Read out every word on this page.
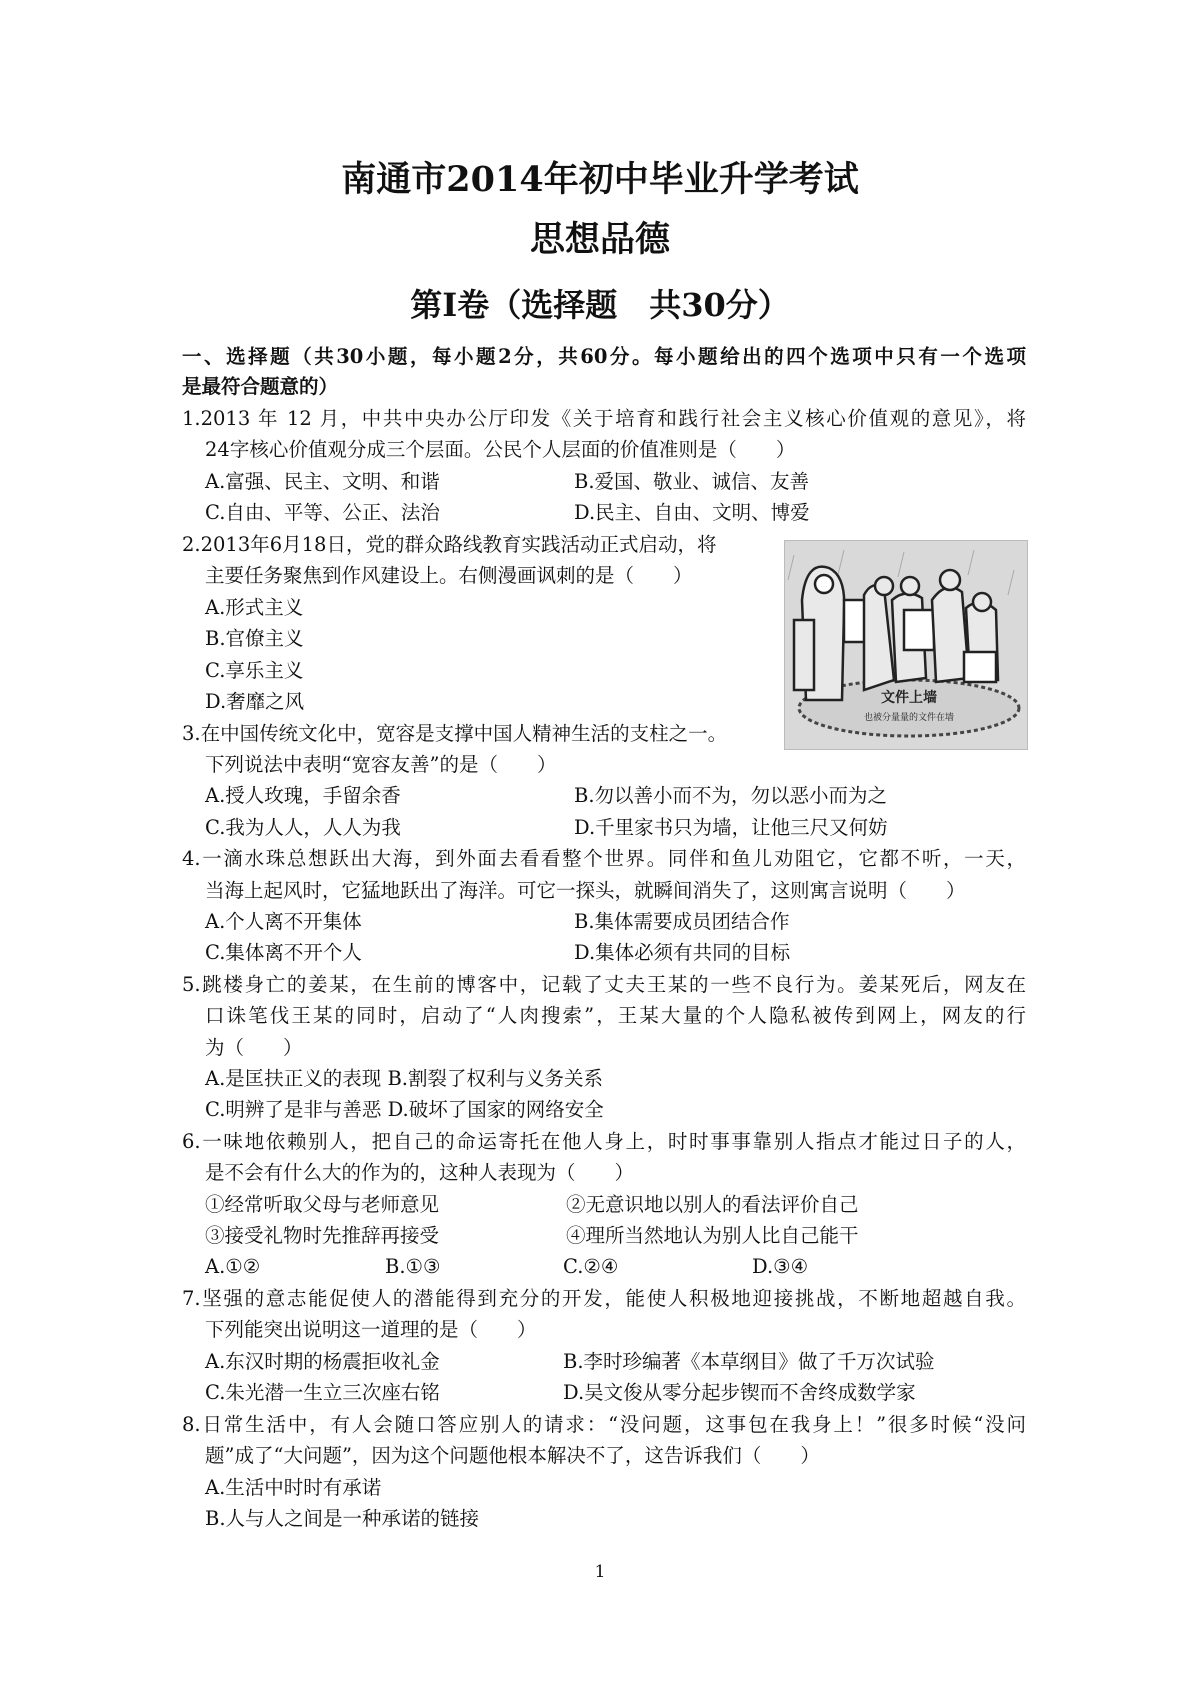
南通市2014年初中毕业升学考试
思想品德
第Ⅰ卷（选择题　共30分）
一、选择题（共30小题，每小题2分，共60分。每小题给出的四个选项中只有一个选项
是最符合题意的）
1.2013 年 12 月，中共中央办公厅印发《关于培育和践行社会主义核心价值观的意见》，将
24字核心价值观分成三个层面。公民个人层面的价值准则是（　　）
A.富强、民主、文明、和谐	B.爱国、敬业、诚信、友善
C.自由、平等、公正、法治	D.民主、自由、文明、博爱
2.2013年6月18日，党的群众路线教育实践活动正式启动，将
主要任务聚焦到作风建设上。右侧漫画讽刺的是（　　）
A.形式主义
B.官僚主义
C.享乐主义
D.奢靡之风	文件上墙
也被分量量的文件在墙
3.在中国传统文化中，宽容是支撑中国人精神生活的支柱之一。
下列说法中表明“宽容友善”的是（　　）
A.授人玫瑰，手留余香	B.勿以善小而不为，勿以恶小而为之
C.我为人人，人人为我	D.千里家书只为墙，让他三尺又何妨
4.一滴水珠总想跃出大海，到外面去看看整个世界。同伴和鱼儿劝阻它，它都不听，一天，
当海上起风时，它猛地跃出了海洋。可它一探头，就瞬间消失了，这则寓言说明（　　）
A.个人离不开集体	B.集体需要成员团结合作
C.集体离不开个人	D.集体必须有共同的目标
5.跳楼身亡的姜某，在生前的博客中，记载了丈夫王某的一些不良行为。姜某死后，网友在
口诛笔伐王某的同时，启动了“人肉搜索”，王某大量的个人隐私被传到网上，网友的行
为（　　）
A.是匡扶正义的表现 B.割裂了权利与义务关系
C.明辨了是非与善恶 D.破坏了国家的网络安全
6.一味地依赖别人，把自己的命运寄托在他人身上，时时事事靠别人指点才能过日子的人，
是不会有什么大的作为的，这种人表现为（　　）
①经常听取父母与老师意见	②无意识地以别人的看法评价自己
③接受礼物时先推辞再接受	④理所当然地认为别人比自己能干
A.①②	B.①③	C.②④	D.③④
7.坚强的意志能促使人的潜能得到充分的开发，能使人积极地迎接挑战，不断地超越自我。
下列能突出说明这一道理的是（　　）
A.东汉时期的杨震拒收礼金	B.李时珍编著《本草纲目》做了千万次试验
C.朱光潜一生立三次座右铭	D.吴文俊从零分起步锲而不舍终成数学家
8.日常生活中，有人会随口答应别人的请求：“没问题，这事包在我身上！”很多时候“没问
题”成了“大问题”，因为这个问题他根本解决不了，这告诉我们（　　）
A.生活中时时有承诺
B.人与人之间是一种承诺的链接
1
